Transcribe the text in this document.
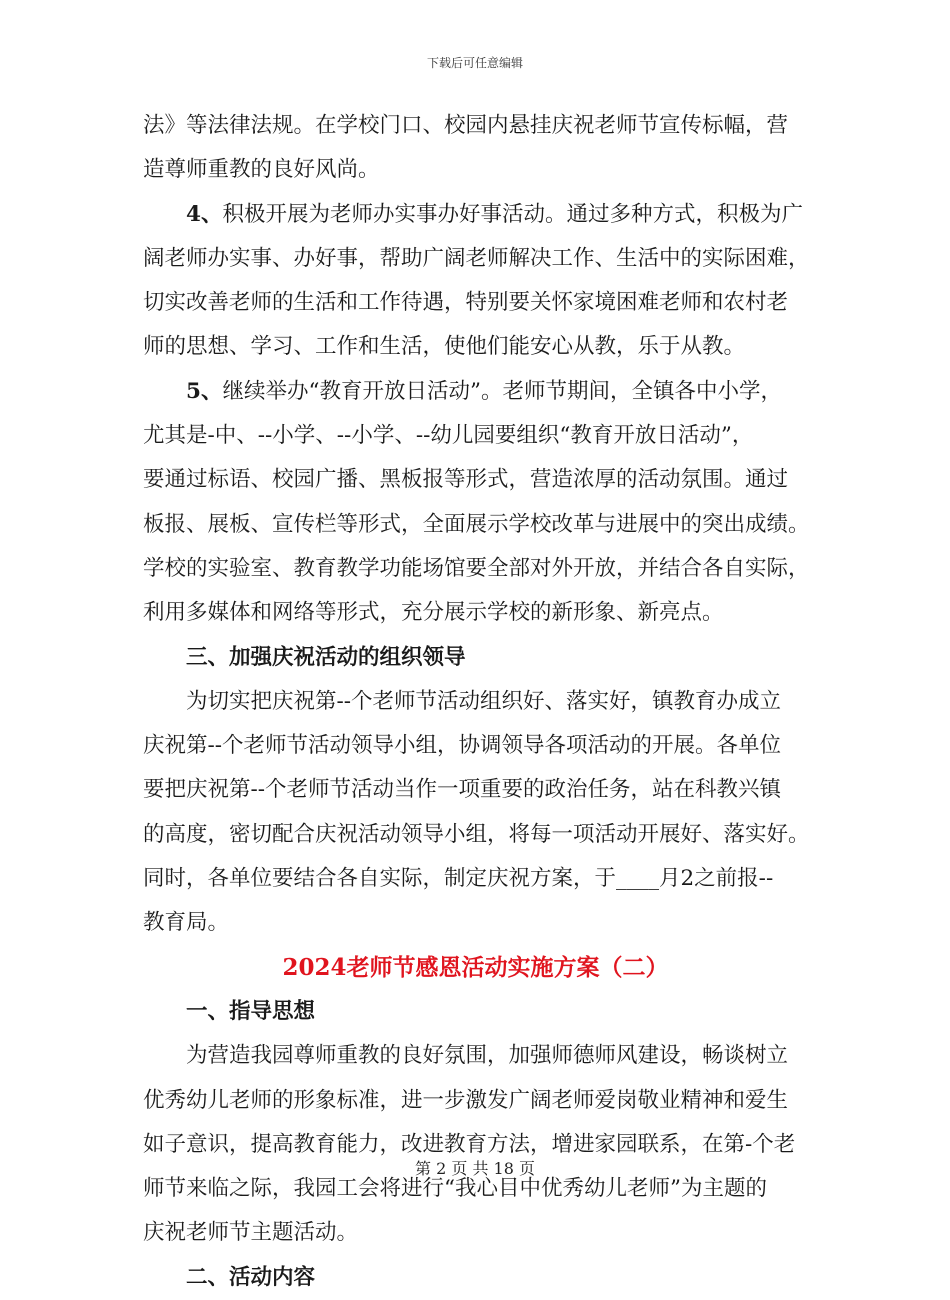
下载后可任意编辑
法》等法律法规。在学校门口、校园内悬挂庆祝老师节宣传标幅，营
造尊师重教的良好风尚。
4、积极开展为老师办实事办好事活动。通过多种方式，积极为广
阔老师办实事、办好事，帮助广阔老师解决工作、生活中的实际困难，
切实改善老师的生活和工作待遇，特别要关怀家境困难老师和农村老
师的思想、学习、工作和生活，使他们能安心从教，乐于从教。
5、继续举办“教育开放日活动”。老师节期间，全镇各中小学，
尤其是-中、--小学、--小学、--幼儿园要组织“教育开放日活动”，
要通过标语、校园广播、黑板报等形式，营造浓厚的活动氛围。通过
板报、展板、宣传栏等形式，全面展示学校改革与进展中的突出成绩。
学校的实验室、教育教学功能场馆要全部对外开放，并结合各自实际，
利用多媒体和网络等形式，充分展示学校的新形象、新亮点。
三、加强庆祝活动的组织领导
为切实把庆祝第--个老师节活动组织好、落实好，镇教育办成立
庆祝第--个老师节活动领导小组，协调领导各项活动的开展。各单位
要把庆祝第--个老师节活动当作一项重要的政治任务，站在科教兴镇
的高度，密切配合庆祝活动领导小组，将每一项活动开展好、落实好。
同时，各单位要结合各自实际，制定庆祝方案，于____月2之前报--
教育局。
2024老师节感恩活动实施方案（二）
一、指导思想
为营造我园尊师重教的良好氛围，加强师德师风建设，畅谈树立
优秀幼儿老师的形象标准，进一步激发广阔老师爱岗敬业精神和爱生
如子意识，提高教育能力，改进教育方法，增进家园联系，在第-个老
师节来临之际，我园工会将进行“我心目中优秀幼儿老师”为主题的
庆祝老师节主题活动。
二、活动内容
第 2 页 共 18 页
